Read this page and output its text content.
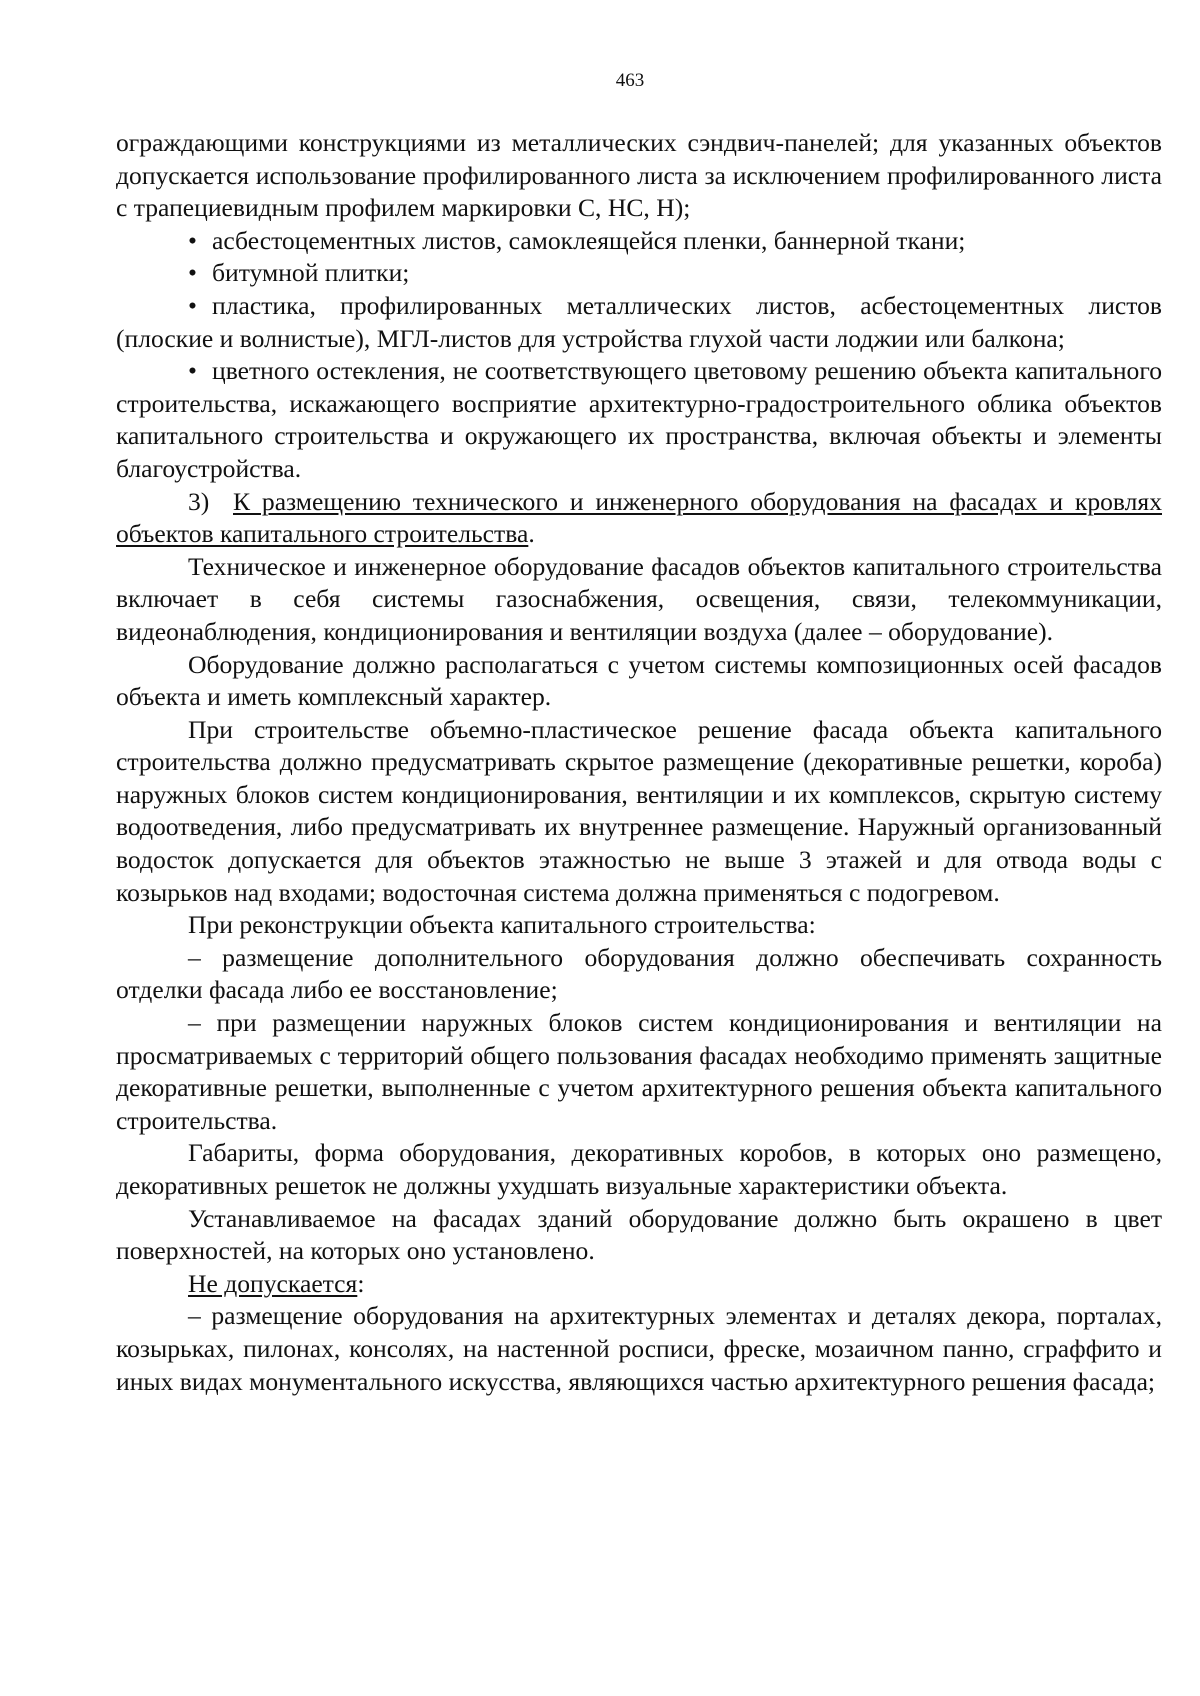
463

ограждающими конструкциями из металлических сэндвич-панелей; для указанных объектов допускается использование профилированного листа за исключением профилированного листа с трапециевидным профилем маркировки С, НС, Н);

• асбестоцементных листов, самоклеящейся пленки, баннерной ткани;

• битумной плитки;

• пластика, профилированных металлических листов, асбестоцементных листов (плоские и волнистые), МГЛ-листов для устройства глухой части лоджии или балкона;

• цветного остекления, не соответствующего цветовому решению объекта капитального строительства, искажающего восприятие архитектурно-градостроительного облика объектов капитального строительства и окружающего их пространства, включая объекты и элементы благоустройства.

3) К размещению технического и инженерного оборудования на фасадах и кровлях объектов капитального строительства.

Техническое и инженерное оборудование фасадов объектов капитального строительства включает в себя системы газоснабжения, освещения, связи, телекоммуникации, видеонаблюдения, кондиционирования и вентиляции воздуха (далее – оборудование).

Оборудование должно располагаться с учетом системы композиционных осей фасадов объекта и иметь комплексный характер.

При строительстве объемно-пластическое решение фасада объекта капитального строительства должно предусматривать скрытое размещение (декоративные решетки, короба) наружных блоков систем кондиционирования, вентиляции и их комплексов, скрытую систему водоотведения, либо предусматривать их внутреннее размещение. Наружный организованный водосток допускается для объектов этажностью не выше 3 этажей и для отвода воды с козырьков над входами; водосточная система должна применяться с подогревом.

При реконструкции объекта капитального строительства:

– размещение дополнительного оборудования должно обеспечивать сохранность отделки фасада либо ее восстановление;

– при размещении наружных блоков систем кондиционирования и вентиляции на просматриваемых с территорий общего пользования фасадах необходимо применять защитные декоративные решетки, выполненные с учетом архитектурного решения объекта капитального строительства.

Габариты, форма оборудования, декоративных коробов, в которых оно размещено, декоративных решеток не должны ухудшать визуальные характеристики объекта.

Устанавливаемое на фасадах зданий оборудование должно быть окрашено в цвет поверхностей, на которых оно установлено.

Не допускается:

– размещение оборудования на архитектурных элементах и деталях декора, порталах, козырьках, пилонах, консолях, на настенной росписи, фреске, мозаичном панно, сграффито и иных видах монументального искусства, являющихся частью архитектурного решения фасада;
